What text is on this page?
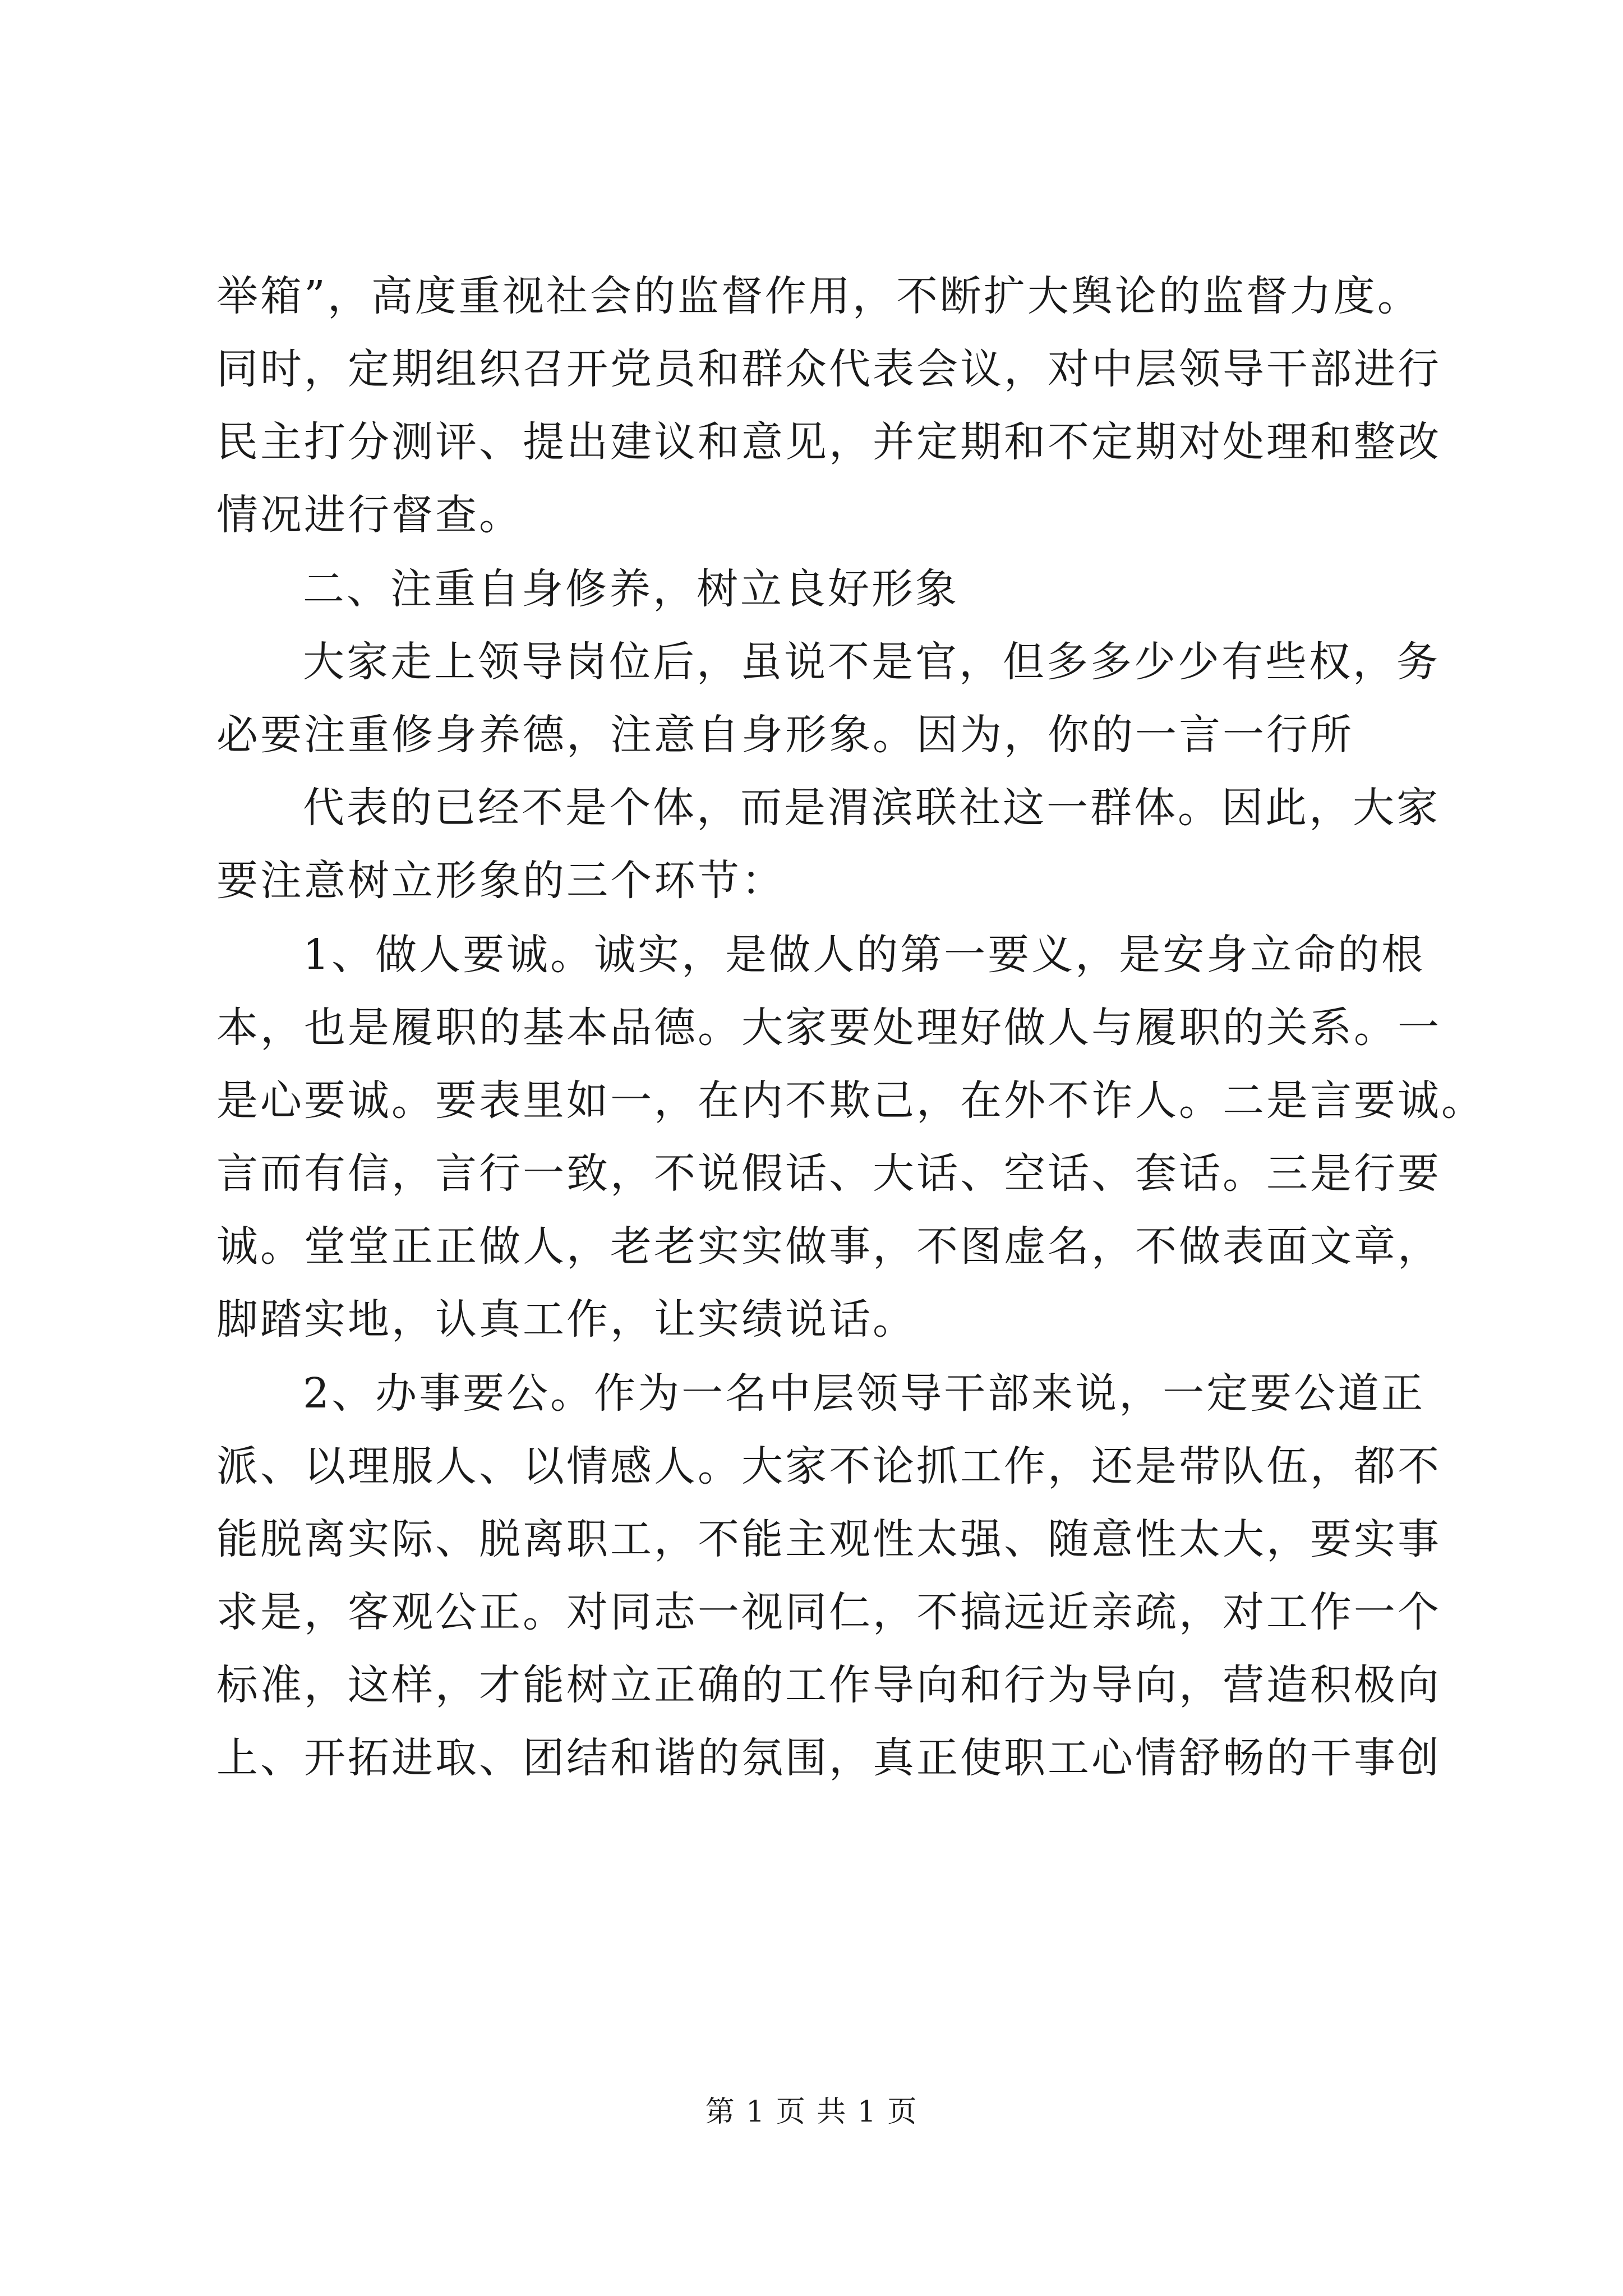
举箱”，高度重视社会的监督作用，不断扩大舆论的监督力度。
同时，定期组织召开党员和群众代表会议，对中层领导干部进行
民主打分测评、提出建议和意见，并定期和不定期对处理和整改
情况进行督查。
二、注重自身修养，树立良好形象
大家走上领导岗位后，虽说不是官，但多多少少有些权，务
必要注重修身养德，注意自身形象。因为，你的一言一行所
代表的已经不是个体，而是渭滨联社这一群体。因此，大家
要注意树立形象的三个环节：
1、做人要诚。诚实，是做人的第一要义，是安身立命的根
本，也是履职的基本品德。大家要处理好做人与履职的关系。一
是心要诚。要表里如一，在内不欺己，在外不诈人。二是言要诚。
言而有信，言行一致，不说假话、大话、空话、套话。三是行要
诚。堂堂正正做人，老老实实做事，不图虚名，不做表面文章，
脚踏实地，认真工作，让实绩说话。
2、办事要公。作为一名中层领导干部来说，一定要公道正
派、以理服人、以情感人。大家不论抓工作，还是带队伍，都不
能脱离实际、脱离职工，不能主观性太强、随意性太大，要实事
求是，客观公正。对同志一视同仁，不搞远近亲疏，对工作一个
标准，这样，才能树立正确的工作导向和行为导向，营造积极向
上、开拓进取、团结和谐的氛围，真正使职工心情舒畅的干事创
第 1 页 共 1 页
